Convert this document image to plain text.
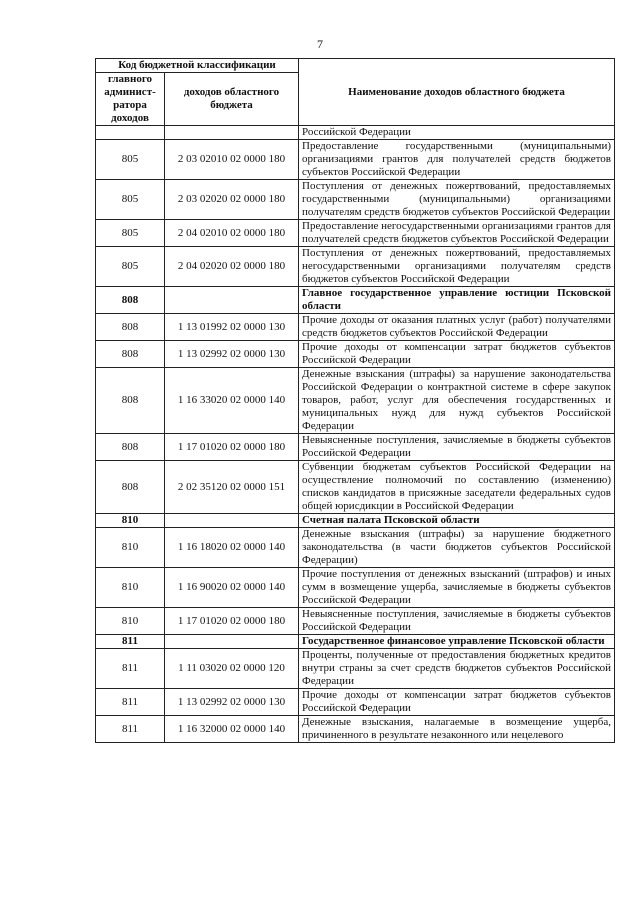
7
Код бюджетной классификации		Наименование доходов областного бюджета
главного админист-ратора доходов	доходов областного бюджета	
		Российской Федерации
805	2 03 02010 02 0000 180	Предоставление государственными (муниципальными) организациями грантов для получателей средств бюджетов субъектов Российской Федерации
805	2 03 02020 02 0000 180	Поступления от денежных пожертвований, предоставляемых государственными (муниципальными) организациями получателям средств бюджетов субъектов Российской Федерации
805	2 04 02010 02 0000 180	Предоставление негосударственными организациями грантов для получателей средств бюджетов субъектов Российской Федерации
805	2 04 02020 02 0000 180	Поступления от денежных пожертвований, предоставляемых негосударственными организациями получателям средств бюджетов субъектов Российской Федерации
808		Главное государственное управление юстиции Псковской области
808	1 13 01992 02 0000 130	Прочие доходы от оказания платных услуг (работ) получателями средств бюджетов субъектов Российской Федерации
808	1 13 02992 02 0000 130	Прочие доходы от компенсации затрат бюджетов субъектов Российской Федерации
808	1 16 33020 02 0000 140	Денежные взыскания (штрафы) за нарушение законодательства Российской Федерации о контрактной системе в сфере закупок товаров, работ, услуг для обеспечения государственных и муниципальных нужд для нужд субъектов Российской Федерации
808	1 17 01020 02 0000 180	Невыясненные поступления, зачисляемые в бюджеты субъектов Российской Федерации
808	2 02 35120 02 0000 151	Субвенции бюджетам субъектов Российской Федерации на осуществление полномочий по составлению (изменению) списков кандидатов в присяжные заседатели федеральных судов общей юрисдикции в Российской Федерации
810		Счетная палата Псковской области
810	1 16 18020 02 0000 140	Денежные взыскания (штрафы) за нарушение бюджетного законодательства (в части бюджетов субъектов Российской Федерации)
810	1 16 90020 02 0000 140	Прочие поступления от денежных взысканий (штрафов) и иных сумм в возмещение ущерба, зачисляемые в бюджеты субъектов Российской Федерации
810	1 17 01020 02 0000 180	Невыясненные поступления, зачисляемые в бюджеты субъектов Российской Федерации
811		Государственное финансовое управление Псковской области
811	1 11 03020 02 0000 120	Проценты, полученные от предоставления бюджетных кредитов внутри страны за счет средств бюджетов субъектов Российской Федерации
811	1 13 02992 02 0000 130	Прочие доходы от компенсации затрат бюджетов субъектов Российской Федерации
811	1 16 32000 02 0000 140	Денежные взыскания, налагаемые в возмещение ущерба, причиненного в результате незаконного или нецелевого
